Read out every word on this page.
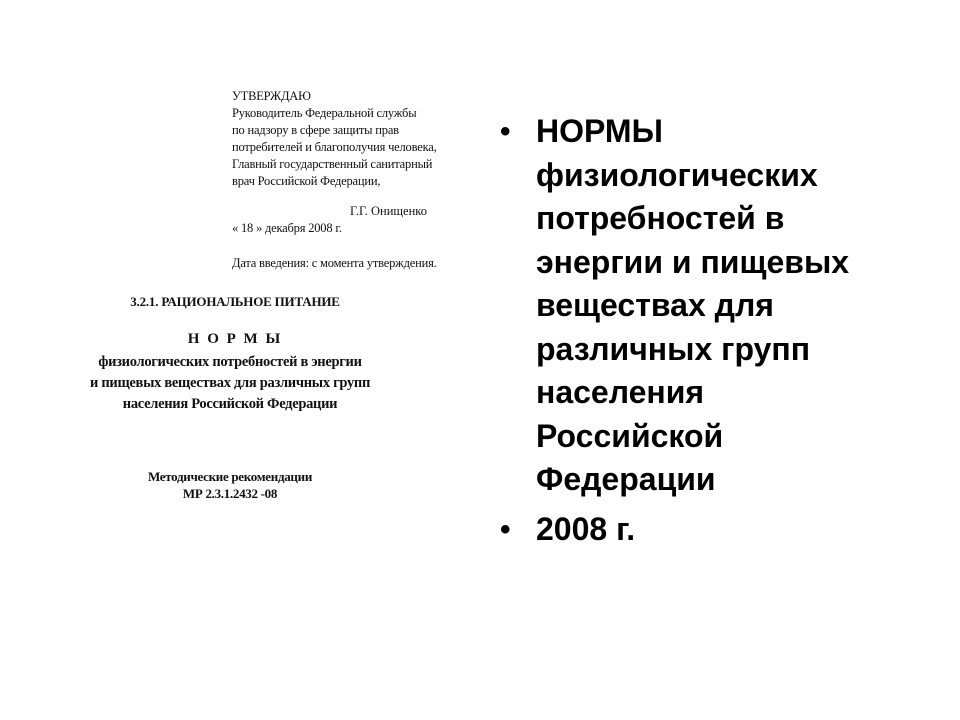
УТВЕРЖДАЮ
Руководитель Федеральной службы
по надзору в сфере защиты прав
потребителей и благополучия человека,
Главный государственный санитарный
врач Российской Федерации,
Г.Г. Онищенко
« 18 » декабря 2008 г.
Дата введения: с момента утверждения.
3.2.1. РАЦИОНАЛЬНОЕ ПИТАНИЕ
Н О Р М Ы
физиологических потребностей в энергии
и пищевых веществах для различных групп
населения Российской Федерации
Методические рекомендации
МР 2.3.1.2432 -08
• НОРМЫ
физиологических
потребностей в
энергии и пищевых
веществах для
различных групп
населения
Российской
Федерации
• 2008 г.
